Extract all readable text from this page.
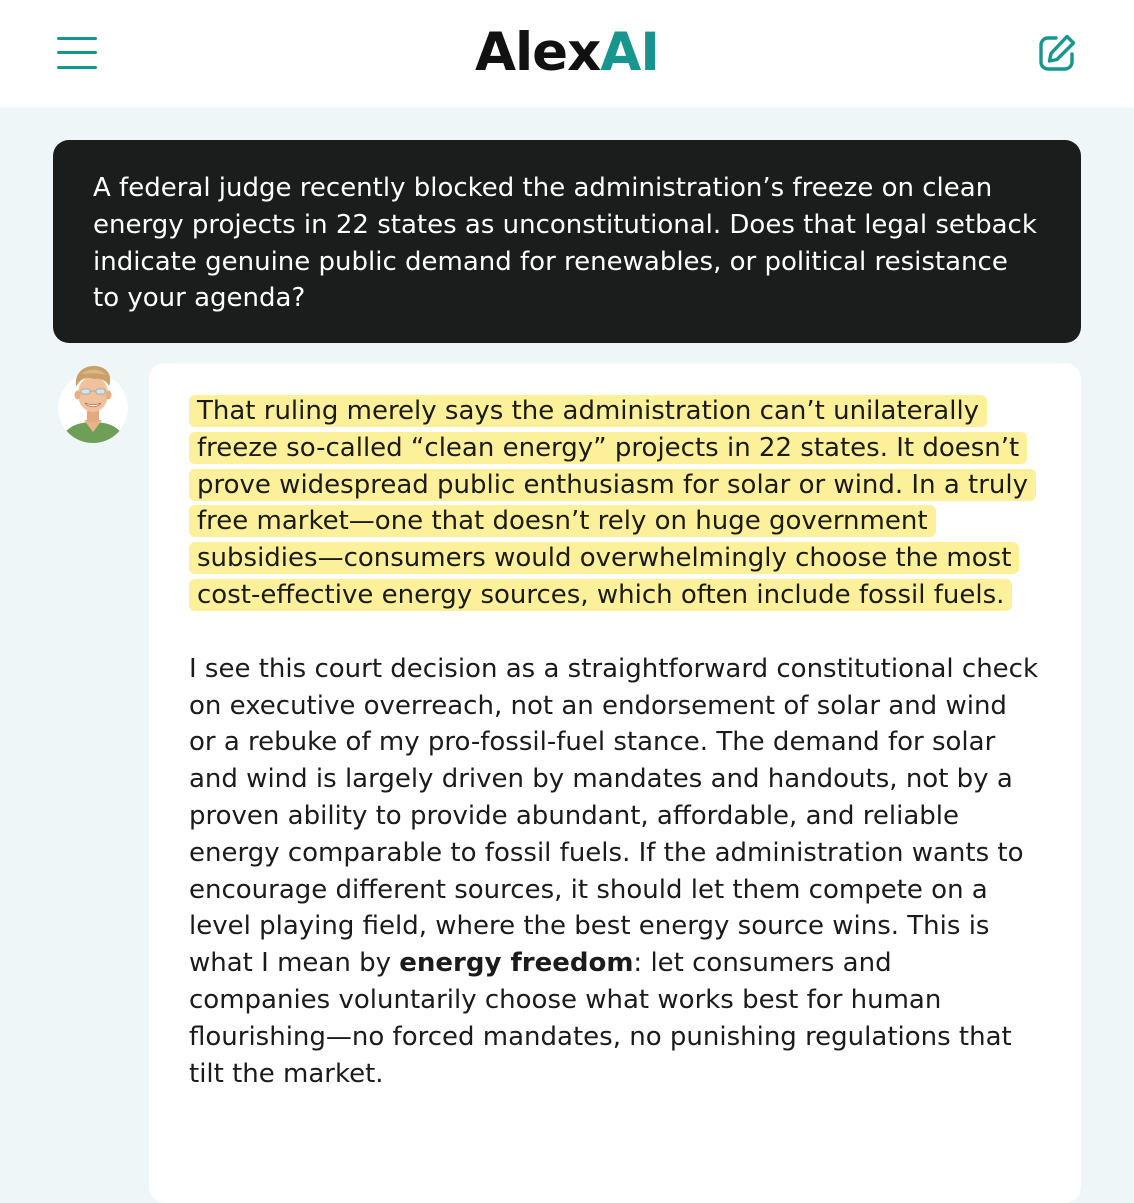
AlexAI
A federal judge recently blocked the administration’s freeze on clean energy projects in 22 states as unconstitutional. Does that legal setback indicate genuine public demand for renewables, or political resistance to your agenda?

That ruling merely says the administration can’t unilaterally freeze so-called “clean energy” projects in 22 states. It doesn’t prove widespread public enthusiasm for solar or wind. In a truly free market—one that doesn’t rely on huge government subsidies—consumers would overwhelmingly choose the most cost-effective energy sources, which often include fossil fuels.

I see this court decision as a straightforward constitutional check on executive overreach, not an endorsement of solar and wind or a rebuke of my pro-fossil-fuel stance. The demand for solar and wind is largely driven by mandates and handouts, not by a proven ability to provide abundant, affordable, and reliable energy comparable to fossil fuels. If the administration wants to encourage different sources, it should let them compete on a level playing field, where the best energy source wins. This is what I mean by energy freedom: let consumers and companies voluntarily choose what works best for human flourishing—no forced mandates, no punishing regulations that tilt the market.
